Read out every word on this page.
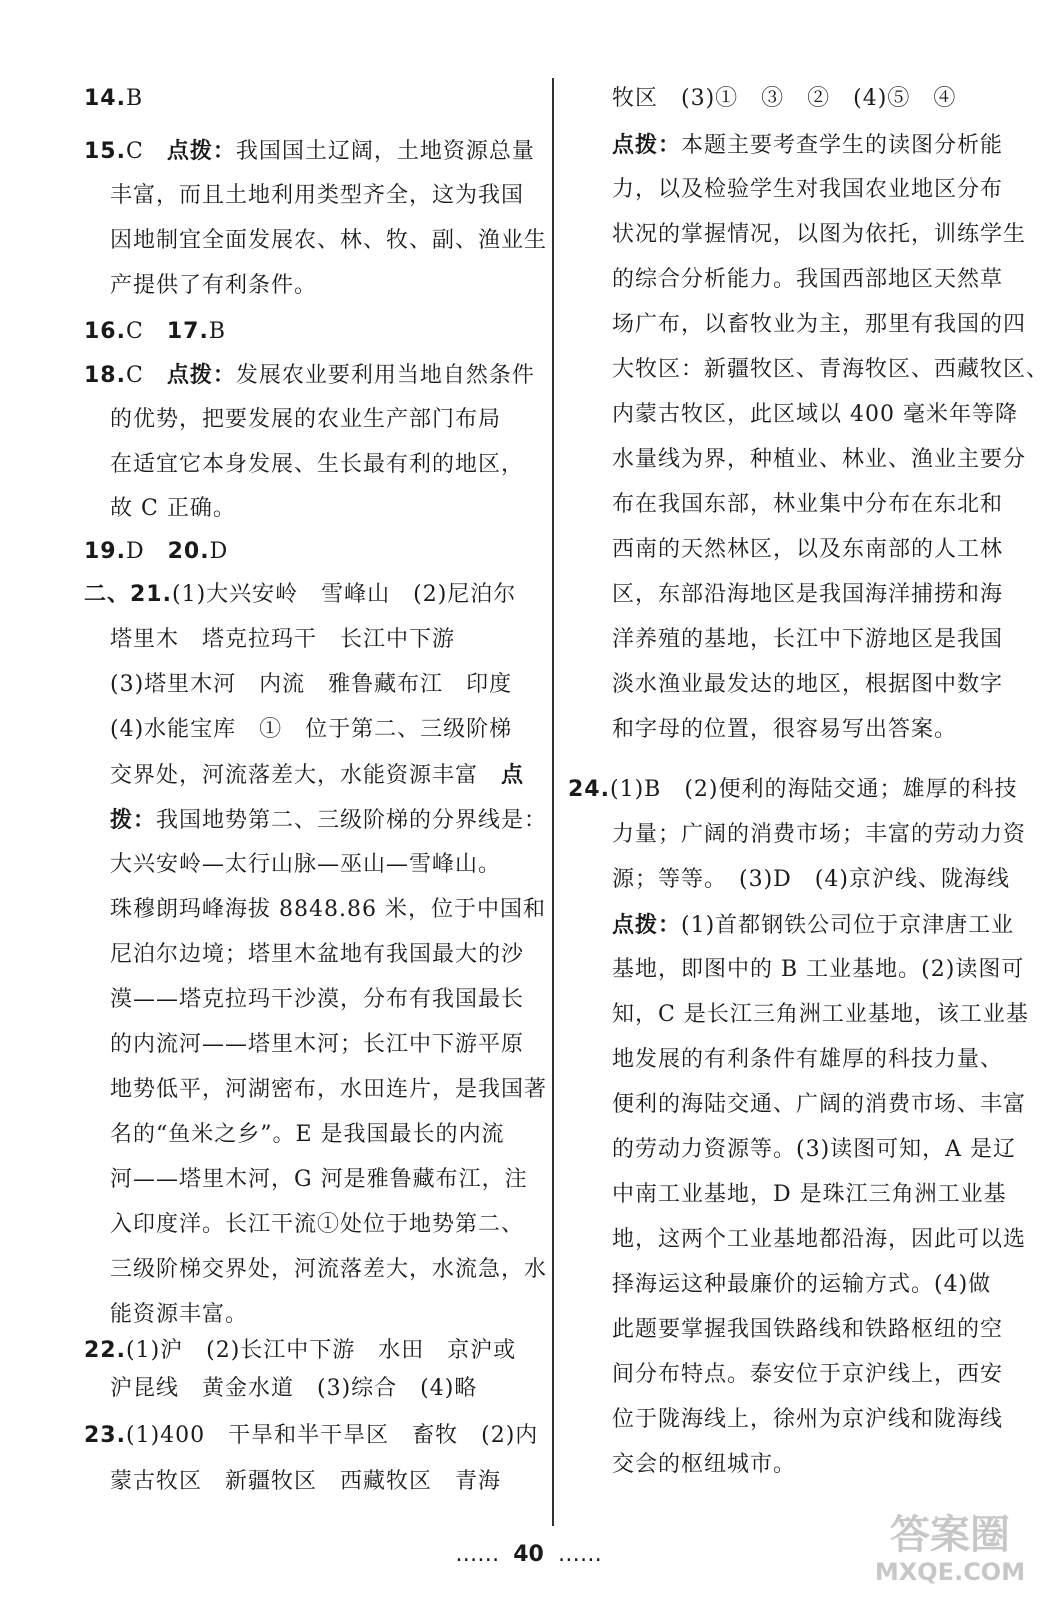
14.B
15.C　点拨：我国国土辽阔，土地资源总量
丰富，而且土地利用类型齐全，这为我国
因地制宜全面发展农、林、牧、副、渔业生
产提供了有利条件。
16.C　17.B
18.C　点拨：发展农业要利用当地自然条件
的优势，把要发展的农业生产部门布局
在适宜它本身发展、生长最有利的地区，
故 C 正确。
19.D　20.D
二、21.(1)大兴安岭　雪峰山　(2)尼泊尔
塔里木　塔克拉玛干　长江中下游
(3)塔里木河　内流　雅鲁藏布江　印度
(4)水能宝库　①　位于第二、三级阶梯
交界处，河流落差大，水能资源丰富　点
拨：我国地势第二、三级阶梯的分界线是：
大兴安岭—太行山脉—巫山—雪峰山。
珠穆朗玛峰海拔 8848.86 米，位于中国和
尼泊尔边境；塔里木盆地有我国最大的沙
漠——塔克拉玛干沙漠，分布有我国最长
的内流河——塔里木河；长江中下游平原
地势低平，河湖密布，水田连片，是我国著
名的“鱼米之乡”。E 是我国最长的内流
河——塔里木河，G 河是雅鲁藏布江，注
入印度洋。长江干流①处位于地势第二、
三级阶梯交界处，河流落差大，水流急，水
能资源丰富。
22.(1)沪　(2)长江中下游　水田　京沪或
沪昆线　黄金水道　(3)综合　(4)略
23.(1)400　干旱和半干旱区　畜牧　(2)内
蒙古牧区　新疆牧区　西藏牧区　青海
牧区　(3)①　③　②　(4)⑤　④
点拨：本题主要考查学生的读图分析能
力，以及检验学生对我国农业地区分布
状况的掌握情况，以图为依托，训练学生
的综合分析能力。我国西部地区天然草
场广布，以畜牧业为主，那里有我国的四
大牧区：新疆牧区、青海牧区、西藏牧区、
内蒙古牧区，此区域以 400 毫米年等降
水量线为界，种植业、林业、渔业主要分
布在我国东部，林业集中分布在东北和
西南的天然林区，以及东南部的人工林
区，东部沿海地区是我国海洋捕捞和海
洋养殖的基地，长江中下游地区是我国
淡水渔业最发达的地区，根据图中数字
和字母的位置，很容易写出答案。
24.(1)B　(2)便利的海陆交通；雄厚的科技
力量；广阔的消费市场；丰富的劳动力资
源；等等。　(3)D　(4)京沪线、陇海线
点拨：(1)首都钢铁公司位于京津唐工业
基地，即图中的 B 工业基地。(2)读图可
知，C 是长江三角洲工业基地，该工业基
地发展的有利条件有雄厚的科技力量、
便利的海陆交通、广阔的消费市场、丰富
的劳动力资源等。(3)读图可知，A 是辽
中南工业基地，D 是珠江三角洲工业基
地，这两个工业基地都沿海，因此可以选
择海运这种最廉价的运输方式。(4)做
此题要掌握我国铁路线和铁路枢纽的空
间分布特点。泰安位于京沪线上，西安
位于陇海线上，徐州为京沪线和陇海线
交会的枢纽城市。
…… 40 ……	答案圈
MXQE.COM
